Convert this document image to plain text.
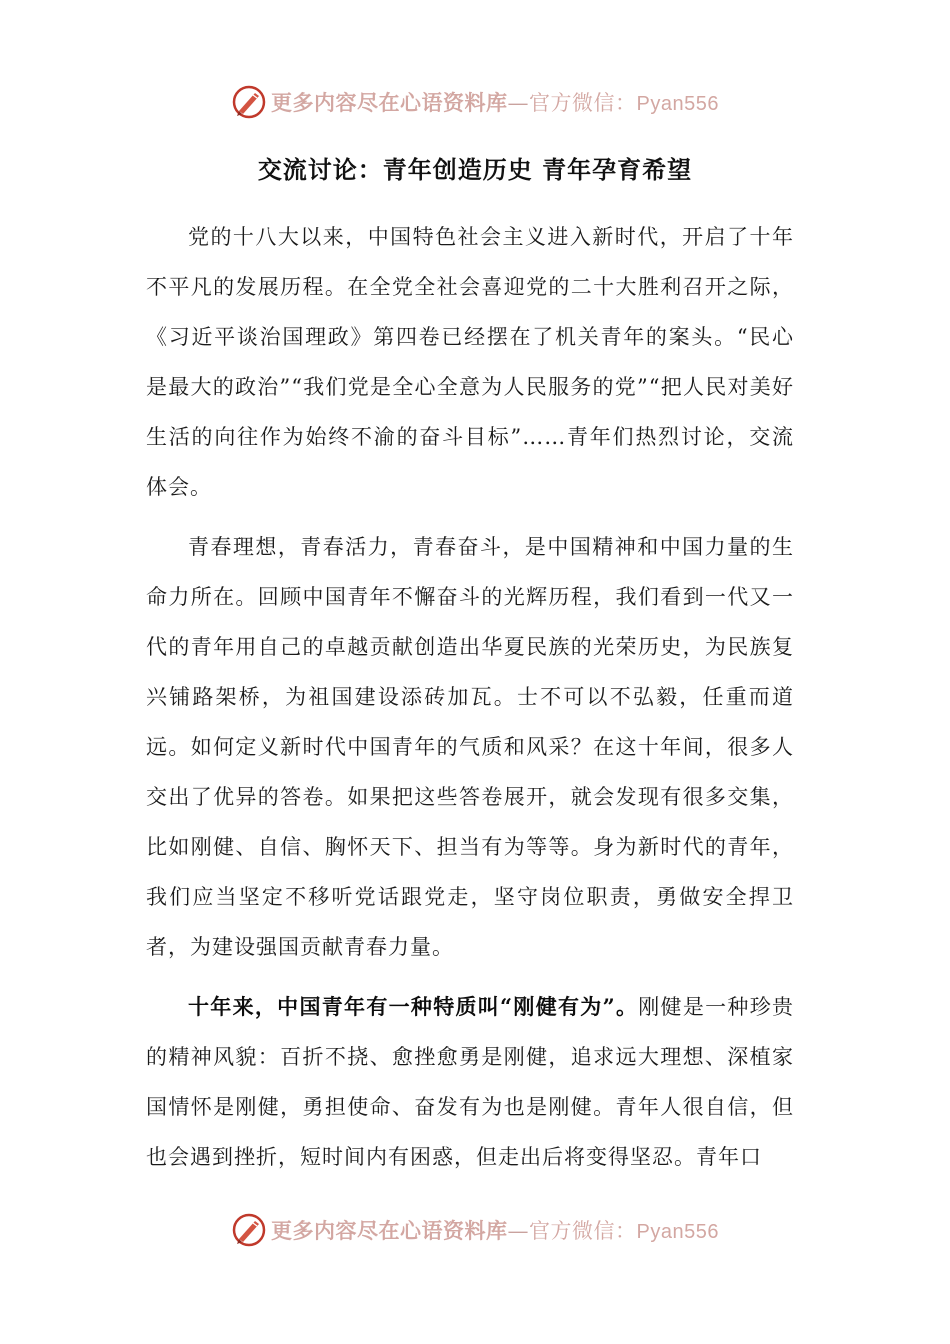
更多内容尽在心语资料库—官方微信：Pyan556
交流讨论：青年创造历史 青年孕育希望

党的十八大以来，中国特色社会主义进入新时代，开启了十年不平凡的发展历程。在全党全社会喜迎党的二十大胜利召开之际，《习近平谈治国理政》第四卷已经摆在了机关青年的案头。“民心是最大的政治”“我们党是全心全意为人民服务的党”“把人民对美好生活的向往作为始终不渝的奋斗目标”……青年们热烈讨论，交流体会。

青春理想，青春活力，青春奋斗，是中国精神和中国力量的生命力所在。回顾中国青年不懈奋斗的光辉历程，我们看到一代又一代的青年用自己的卓越贡献创造出华夏民族的光荣历史，为民族复兴铺路架桥，为祖国建设添砖加瓦。士不可以不弘毅，任重而道远。如何定义新时代中国青年的气质和风采？在这十年间，很多人交出了优异的答卷。如果把这些答卷展开，就会发现有很多交集，比如刚健、自信、胸怀天下、担当有为等等。身为新时代的青年，我们应当坚定不移听党话跟党走，坚守岗位职责，勇做安全捍卫者，为建设强国贡献青春力量。

十年来，中国青年有一种特质叫“刚健有为”。刚健是一种珍贵的精神风貌：百折不挠、愈挫愈勇是刚健，追求远大理想、深植家国情怀是刚健，勇担使命、奋发有为也是刚健。青年人很自信，但也会遇到挫折，短时间内有困惑，但走出后将变得坚忍。青年口

更多内容尽在心语资料库—官方微信：Pyan556
